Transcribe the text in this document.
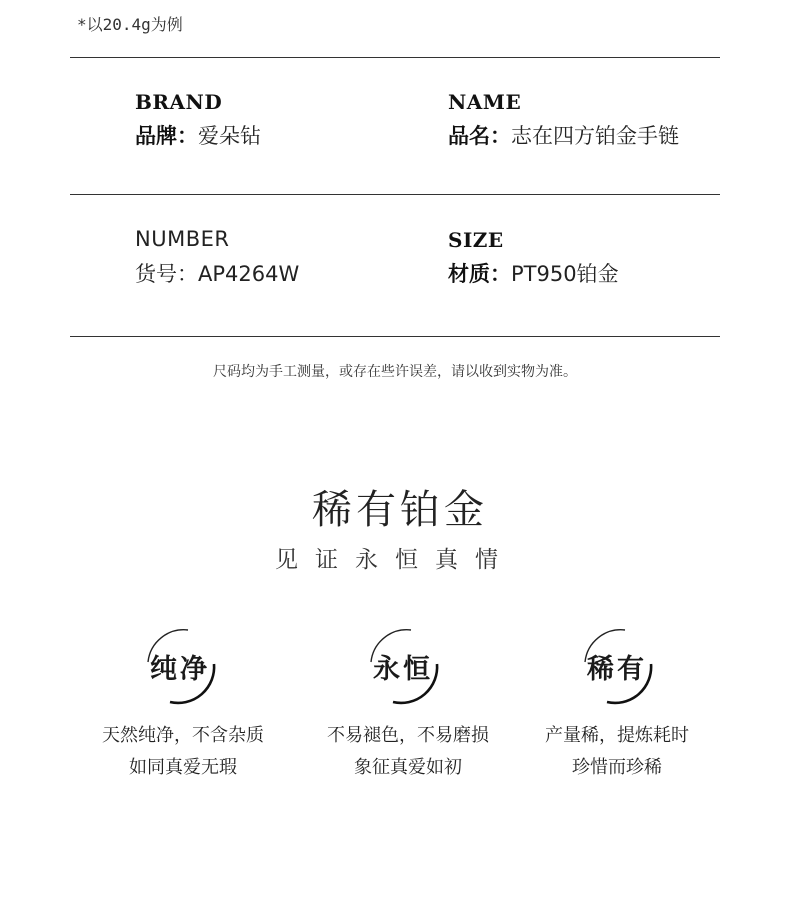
*以20.4g为例
BRAND
品牌：爱朵钻
NAME
品名：志在四方铂金手链
NUMBER
货号：AP4264W
SIZE
材质：PT950铂金
尺码均为手工测量，或存在些许误差，请以收到实物为准。
稀有铂金
见证永恒真情
纯净	永恒	稀有
天然纯净，不含杂质
如同真爱无瑕
不易褪色，不易磨损
象征真爱如初
产量稀，提炼耗时
珍惜而珍稀
